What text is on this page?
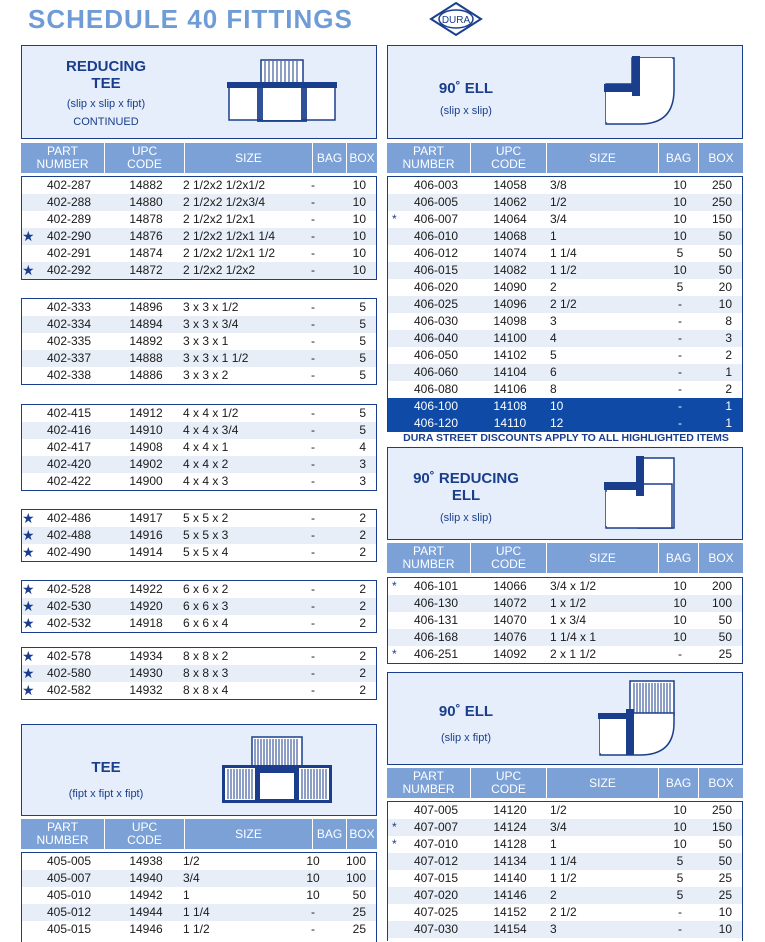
SCHEDULE 40 FITTINGS	DURA
REDUCING
TEE
(slip x slip x fipt)
CONTINUED
PART
NUMBER
UPC
CODE	SIZE	BAG BOX
402-287	14882	2 1/2x2 1/2x1/2	-	10
402-288	14880	2 1/2x2 1/2x3/4	-	10
402-289	14878	2 1/2x2 1/2x1	-	10
★	402-290	14876	2 1/2x2 1/2x1 1/4	-	10
402-291	14874	2 1/2x2 1/2x1 1/2	-	10
★	402-292	14872	2 1/2x2 1/2x2	-	10
402-333	14896	3 x 3 x 1/2	-	5
402-334	14894	3 x 3 x 3/4	-	5
402-335	14892	3 x 3 x 1	-	5
402-337	14888	3 x 3 x 1 1/2	-	5
402-338	14886	3 x 3 x 2	-	5
402-415	14912	4 x 4 x 1/2	-	5
402-416	14910	4 x 4 x 3/4	-	5
402-417	14908	4 x 4 x 1	-	4
402-420	14902	4 x 4 x 2	-	3
402-422	14900	4 x 4 x 3	-	3
★	402-486	14917	5 x 5 x 2	-	2
★	402-488	14916	5 x 5 x 3	-	2
★	402-490	14914	5 x 5 x 4	-	2
★	402-528	14922	6 x 6 x 2	-	2
★	402-530	14920	6 x 6 x 3	-	2
★	402-532	14918	6 x 6 x 4	-	2
★	402-578	14934	8 x 8 x 2	-	2
★	402-580	14930	8 x 8 x 3	-	2
★	402-582	14932	8 x 8 x 4	-	2
TEE
(fipt x fipt x fipt)
PART
NUMBER
UPC
CODE	SIZE	BAG BOX
405-005	14938	1/2	10	100
405-007	14940	3/4	10	100
405-010	14942	1	10	50
405-012	14944	1 1/4	-	25
405-015	14946	1 1/2	-	25
90˚ ELL
(slip x slip)
PART
NUMBER
UPC
CODE	SIZE	BAG	BOX
406-003	14058	3/8	10	250
406-005	14062	1/2	10	250
*	406-007	14064	3/4	10	150
406-010	14068	1	10	50
406-012	14074	1 1/4	5	50
406-015	14082	1 1/2	10	50
406-020	14090	2	5	20
406-025	14096	2 1/2	-	10
406-030	14098	3	-	8
406-040	14100	4	-	3
406-050	14102	5	-	2
406-060	14104	6	-	1
406-080	14106	8	-	2
406-100	14108	10	-	1
406-120	14110	12	-	1
DURA STREET DISCOUNTS APPLY TO ALL HIGHLIGHTED ITEMS
90˚ REDUCING
ELL
(slip x slip)
PART
NUMBER
UPC
CODE	SIZE	BAG	BOX
*	406-101	14066	3/4 x 1/2	10	200
406-130	14072	1 x 1/2	10	100
406-131	14070	1 x 3/4	10	50
406-168	14076	1 1/4 x 1	10	50
*	406-251	14092	2 x 1 1/2	-	25
90˚ ELL
(slip x fipt)
PART
NUMBER
UPC
CODE	SIZE	BAG	BOX
407-005	14120	1/2	10	250
*	407-007	14124	3/4	10	150
*	407-010	14128	1	10	50
407-012	14134	1 1/4	5	50
407-015	14140	1 1/2	5	25
407-020	14146	2	5	25
407-025	14152	2 1/2	-	10
407-030	14154	3	-	10
